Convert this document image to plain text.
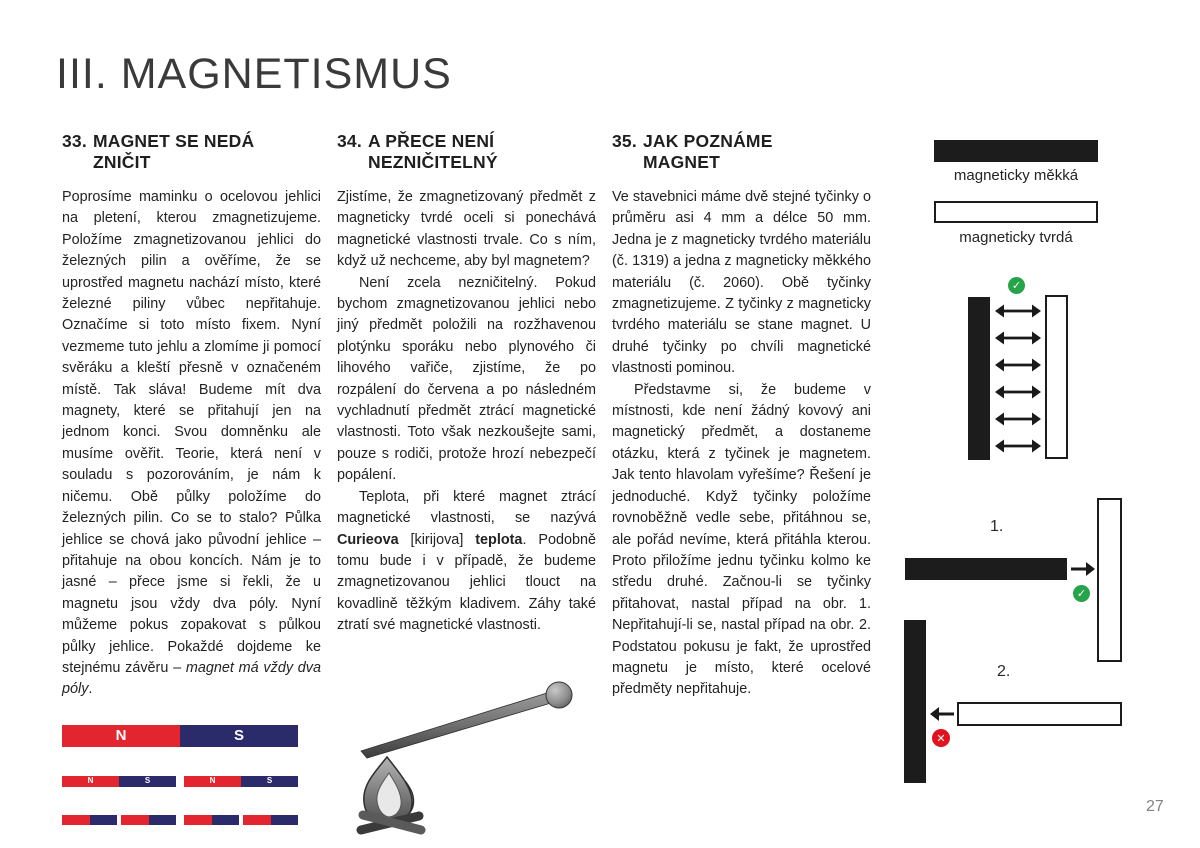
III. MAGNETISMUS
33. MAGNET SE NEDÁ
ZNIČIT

Poprosíme maminku o ocelovou jehlici na pletení, kterou zmagnetizujeme. Položíme zmagnetizovanou jehlici do železných pilin a ověříme, že se uprostřed magnetu nachází místo, které železné piliny vůbec nepřitahuje. Označíme si toto místo fixem. Nyní vezmeme tuto jehlu a zlomíme ji pomocí svěráku a kleští přesně v označeném místě. Tak sláva! Budeme mít dva magnety, které se přitahují jen na jednom konci. Svou domněnku ale musíme ověřit. Teorie, která není v souladu s pozorováním, je nám k ničemu. Obě půlky položíme do železných pilin. Co se to stalo? Půlka jehlice se chová jako původní jehlice – přitahuje na obou koncích. Nám je to jasné – přece jsme si řekli, že u magnetu jsou vždy dva póly. Nyní můžeme pokus zopakovat s půlkou půlky jehlice. Pokaždé dojdeme ke stejnému závěru – magnet má vždy dva póly.

N	S
N	S	N	S
34. A PŘECE NENÍ
NEZNIČITELNÝ

Zjistíme, že zmagnetizovaný předmět z magneticky tvrdé oceli si ponechává magnetické vlastnosti trvale. Co s ním, když už nechceme, aby byl magnetem?

Není zcela nezničitelný. Pokud bychom zmagnetizovanou jehlici nebo jiný předmět položili na rozžhavenou plotýnku sporáku nebo plynového či lihového vařiče, zjistíme, že po rozpálení do červena a po následném vychladnutí předmět ztrácí magnetické vlastnosti. Toto však nezkoušejte sami, pouze s rodiči, protože hrozí nebezpečí popálení.

Teplota, při které magnet ztrácí magnetické vlastnosti, se nazývá Curieova [kirijova] teplota. Podobně tomu bude i v případě, že budeme zmagnetizovanou jehlici tlouct na kovadlině těžkým kladivem. Záhy také ztratí své magnetické vlastnosti.

35. JAK POZNÁME
MAGNET

Ve stavebnici máme dvě stejné tyčinky o průměru asi 4 mm a délce 50 mm. Jedna je z magneticky tvrdého materiálu (č. 1319) a jedna z magneticky měkkého materiálu (č. 2060). Obě tyčinky zmagnetizujeme. Z tyčinky z magneticky tvrdého materiálu se stane magnet. U druhé tyčinky po chvíli magnetické vlastnosti pominou.

Představme si, že budeme v místnosti, kde není žádný kovový ani magnetický předmět, a dostaneme otázku, která z tyčinek je magnetem. Jak tento hlavolam vyřešíme? Řešení je jednoduché. Když tyčinky položíme rovnoběžně vedle sebe, přitáhnou se, ale pořád nevíme, která přitáhla kterou. Proto přiložíme jednu tyčinku kolmo ke středu druhé. Začnou-li se tyčinky přitahovat, nastal případ na obr. 1. Nepřitahují-li se, nastal případ na obr. 2. Podstatou pokusu je fakt, že uprostřed magnetu je místo, které ocelové předměty nepřitahuje.

magneticky měkká
magneticky tvrdá
✓
1.
✓
2.
✕
27
